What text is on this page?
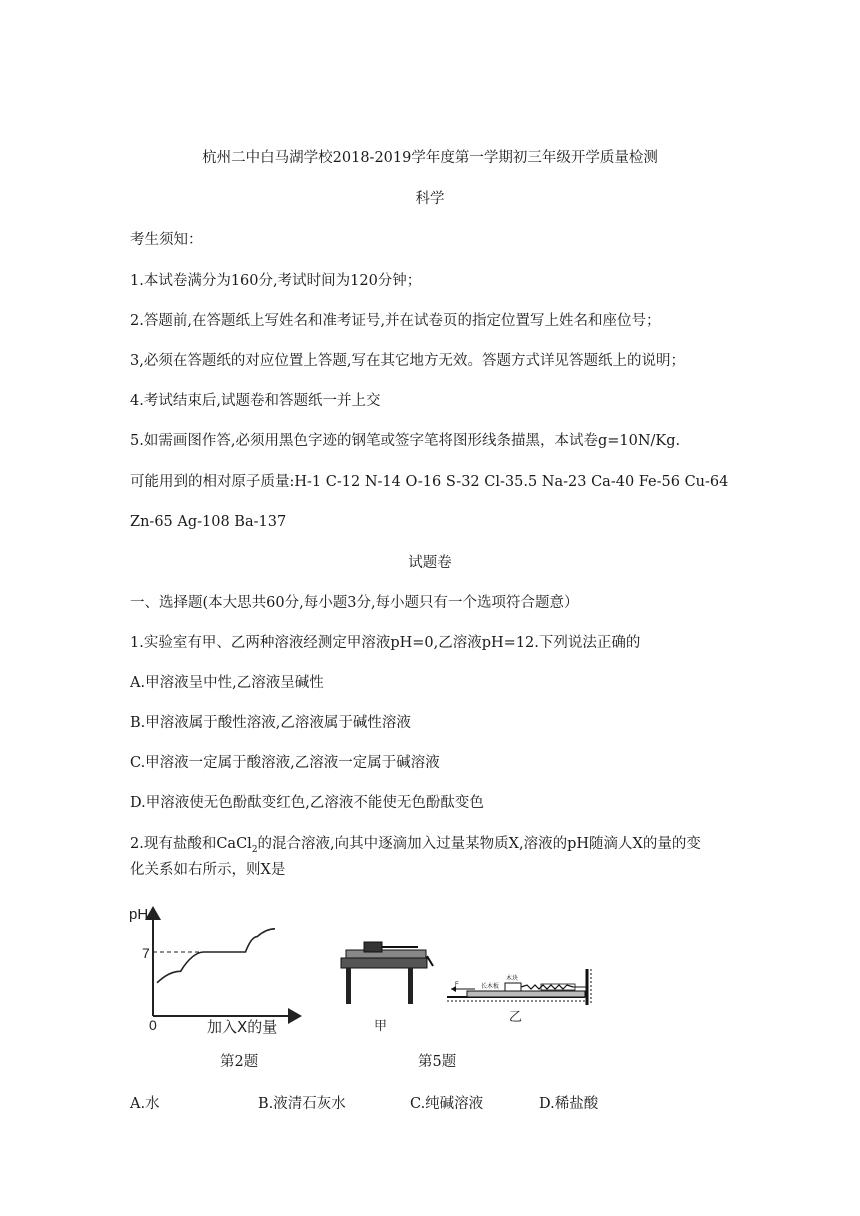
杭州二中白马湖学校2018-2019学年度第一学期初三年级开学质量检测
科学
考生须知：
1.本试卷满分为160分,考试时间为120分钟；
2.答题前,在答题纸上写姓名和准考证号,并在试卷页的指定位置写上姓名和座位号；
3,必须在答题纸的对应位置上答题,写在其它地方无效。答题方式详见答题纸上的说明；
4.考试结束后,试题卷和答题纸一并上交
5.如需画图作答,必须用黑色字迹的钢笔或签字笔将图形线条描黑，本试卷g=10N/Kg.
可能用到的相对原子质量:H-1 C-12 N-14 O-16 S-32 Cl-35.5 Na-23 Ca-40 Fe-56 Cu-64
Zn-65 Ag-108 Ba-137
试题卷
一、选择题(本大思共60分,每小题3分,每小题只有一个选项符合题意）
1.实验室有甲、乙两种溶液经测定甲溶液pH=0,乙溶液pH=12.下列说法正确的
A.甲溶液呈中性,乙溶液呈碱性
B.甲溶液属于酸性溶液,乙溶液属于碱性溶液
C.甲溶液一定属于酸溶液,乙溶液一定属于碱溶液
D.甲溶液使无色酚酞变红色,乙溶液不能使无色酚酞变色
2.现有盐酸和CaCl$_2$的混合溶液,向其中逐滴加入过量某物质X,溶液的pH随滴人X的量的变
化关系如右所示，则X是
pH
7
0	加入X的量	甲
F	长木板
木块
乙
第2题	第5题
A.水	B.液清石灰水	C.纯碱溶液	D.稀盐酸
